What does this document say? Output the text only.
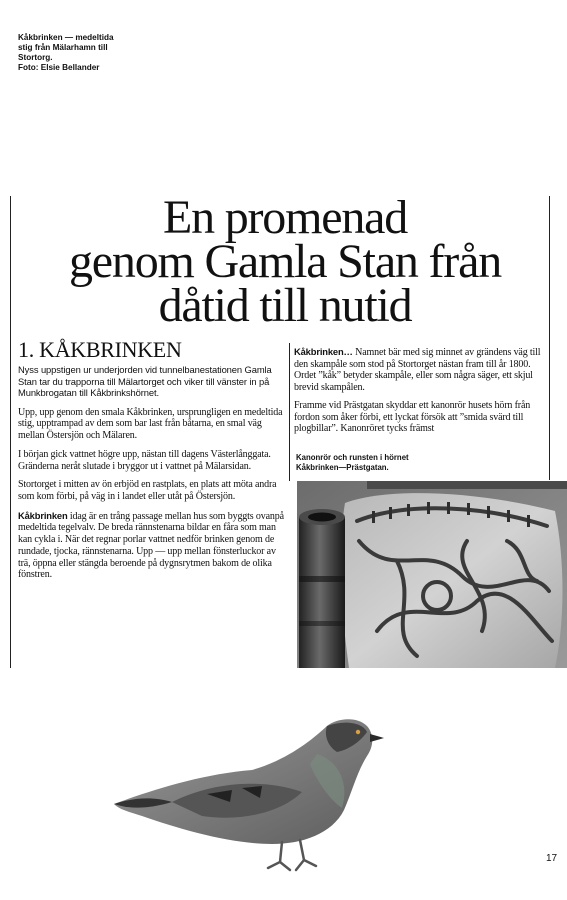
Kåkbrinken — medeltida
stig från Mälarhamn till
Stortorg.
Foto: Elsie Bellander
En promenad
genom Gamla Stan från
dåtid till nutid
1. KÅKBRINKEN

Nyss uppstigen ur underjorden vid tunnelbanestationen Gamla Stan tar du trapporna till Mälartorget och viker till vänster in på Munkbrogatan till Kåkbrinkshörnet.

Upp, upp genom den smala Kåkbrinken, ursprungligen en medeltida stig, upptrampad av dem som bar last från båtarna, en smal väg mellan Östersjön och Mälaren.

I början gick vattnet högre upp, nästan till dagens Västerlånggata. Gränderna neråt slutade i bryggor ut i vattnet på Mälarsidan.

Stortorget i mitten av ön erbjöd en rastplats, en plats att möta andra som kom förbi, på väg in i landet eller utåt på Östersjön.

Kåkbrinken idag är en trång passage mellan hus som byggts ovanpå medeltida tegelvalv. De breda rännstenarna bildar en fåra som man kan cykla i. När det regnar porlar vattnet nedför brinken genom de rundade, tjocka, rännstenarna. Upp — upp mellan fönsterluckor av trä, öppna eller stängda beroende på dygnsrytmen bakom de olika fönstren.

Kåkbrinken… Namnet bär med sig minnet av grändens väg till den skampåle som stod på Stortorget nästan fram till år 1800. Ordet ”kåk” betyder skampåle, eller som några säger, ett skjul brevid skampålen.

Framme vid Prästgatan skyddar ett kanonrör husets hörn från fordon som åker förbi, ett lyckat försök att ”smida svärd till plogbillar”. Kanonröret tycks främst

Kanonrör och runsten i hörnet
Kåkbrinken—Prästgatan.
17
